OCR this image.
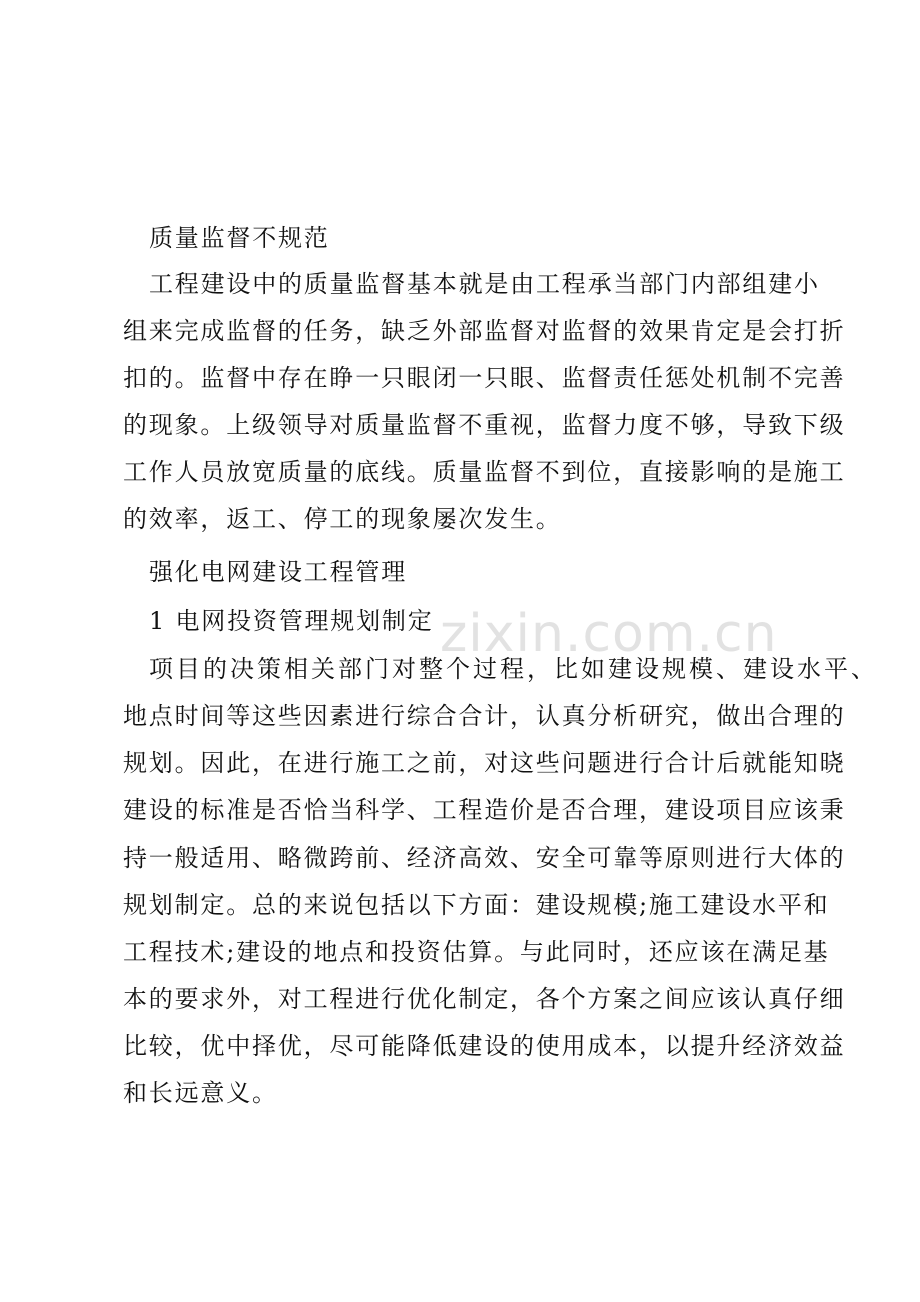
zixin.com.cn
质量监督不规范
工程建设中的质量监督基本就是由工程承当部门内部组建小
组来完成监督的任务，缺乏外部监督对监督的效果肯定是会打折
扣的。监督中存在睁一只眼闭一只眼、监督责任惩处机制不完善
的现象。上级领导对质量监督不重视，监督力度不够，导致下级
工作人员放宽质量的底线。质量监督不到位，直接影响的是施工
的效率，返工、停工的现象屡次发生。
强化电网建设工程管理
1 电网投资管理规划制定
项目的决策相关部门对整个过程，比如建设规模、建设水平、
地点时间等这些因素进行综合合计，认真分析研究，做出合理的
规划。因此，在进行施工之前，对这些问题进行合计后就能知晓
建设的标准是否恰当科学、工程造价是否合理，建设项目应该秉
持一般适用、略微跨前、经济高效、安全可靠等原则进行大体的
规划制定。总的来说包括以下方面：建设规模;施工建设水平和
工程技术;建设的地点和投资估算。与此同时，还应该在满足基
本的要求外，对工程进行优化制定，各个方案之间应该认真仔细
比较，优中择优，尽可能降低建设的使用成本，以提升经济效益
和长远意义。
